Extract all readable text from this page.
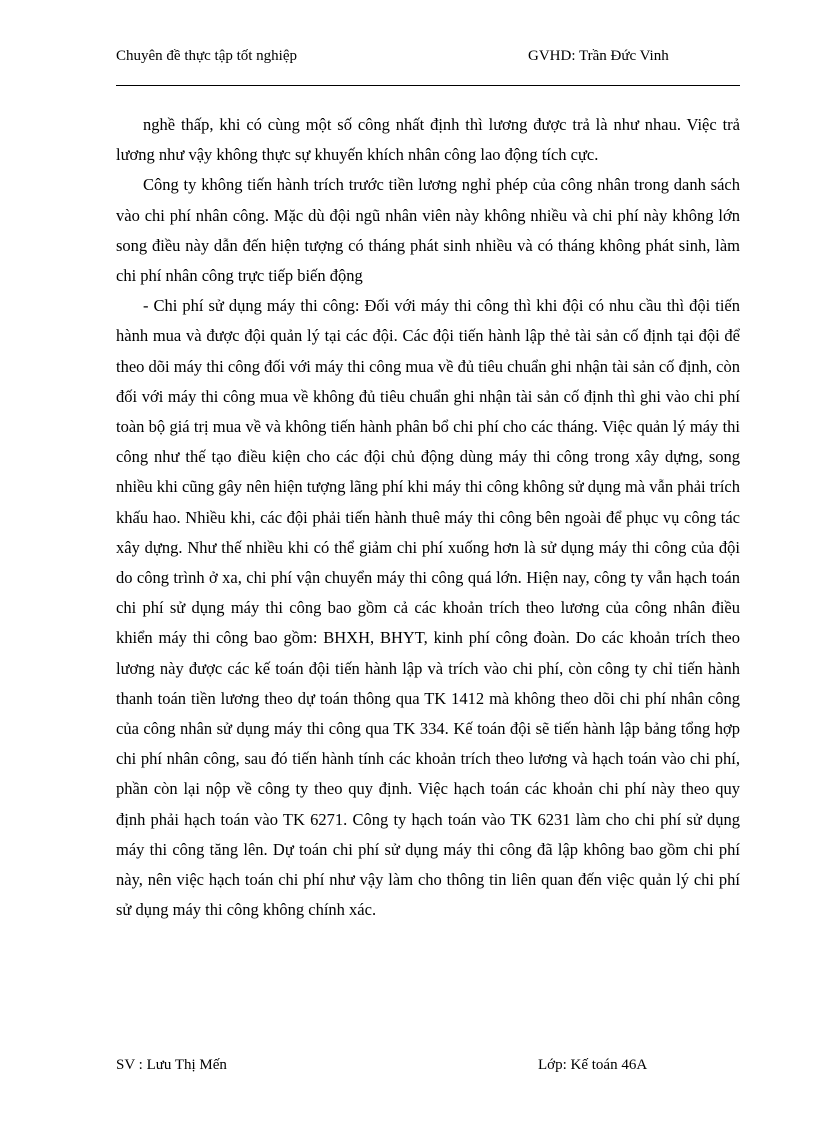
Chuyên đề thực tập tốt nghiệp	GVHD: Trần Đức Vinh

nghề thấp, khi có cùng một số công nhất định thì lương được trả là như nhau. Việc trả lương như vậy không thực sự khuyến khích nhân công lao động tích cực.

Công ty không tiến hành trích trước tiền lương nghỉ phép của công nhân trong danh sách vào chi phí nhân công. Mặc dù đội ngũ nhân viên này không nhiều và chi phí này không lớn song điều này dẫn đến hiện tượng có tháng phát sinh nhiều và có tháng không phát sinh, làm chi phí nhân công trực tiếp biến động

- Chi phí sử dụng máy thi công: Đối với máy thi công thì khi đội có nhu cầu thì đội tiến hành mua và được đội quản lý tại các đội. Các đội tiến hành lập thẻ tài sản cố định tại đội để theo dõi máy thi công đối với máy thi công mua về đủ tiêu chuẩn ghi nhận tài sản cố định, còn đối với máy thi công mua về không đủ tiêu chuẩn ghi nhận tài sản cố định thì ghi vào chi phí toàn bộ giá trị mua về và không tiến hành phân bổ chi phí cho các tháng. Việc quản lý máy thi công như thế tạo điều kiện cho các đội chủ động dùng máy thi công trong xây dựng, song nhiều khi cũng gây nên hiện tượng lãng phí khi máy thi công không sử dụng mà vẫn phải trích khấu hao. Nhiều khi, các đội phải tiến hành thuê máy thi công bên ngoài để phục vụ công tác xây dựng. Như thế nhiều khi có thể giảm chi phí xuống hơn là sử dụng máy thi công của đội do công trình ở xa, chi phí vận chuyển máy thi công quá lớn. Hiện nay, công ty vẫn hạch toán chi phí sử dụng máy thi công bao gồm cả các khoản trích theo lương của công nhân điều khiển máy thi công bao gồm: BHXH, BHYT, kinh phí công đoàn. Do các khoản trích theo lương này được các kế toán đội tiến hành lập và trích vào chi phí, còn công ty chỉ tiến hành thanh toán tiền lương theo dự toán thông qua TK 1412 mà không theo dõi chi phí nhân công của công nhân sử dụng máy thi công qua TK 334. Kế toán đội sẽ tiến hành lập bảng tổng hợp chi phí nhân công, sau đó tiến hành tính các khoản trích theo lương và hạch toán vào chi phí, phần còn lại nộp về công ty theo quy định. Việc hạch toán các khoản chi phí này theo quy định phải hạch toán vào TK 6271. Công ty hạch toán vào TK 6231 làm cho chi phí sử dụng máy thi công tăng lên. Dự toán chi phí sử dụng máy thi công đã lập không bao gồm chi phí này, nên việc hạch toán chi phí như vậy làm cho thông tin liên quan đến việc quản lý chi phí sử dụng máy thi công không chính xác.

SV : Lưu Thị Mến	Lớp: Kế toán 46A
